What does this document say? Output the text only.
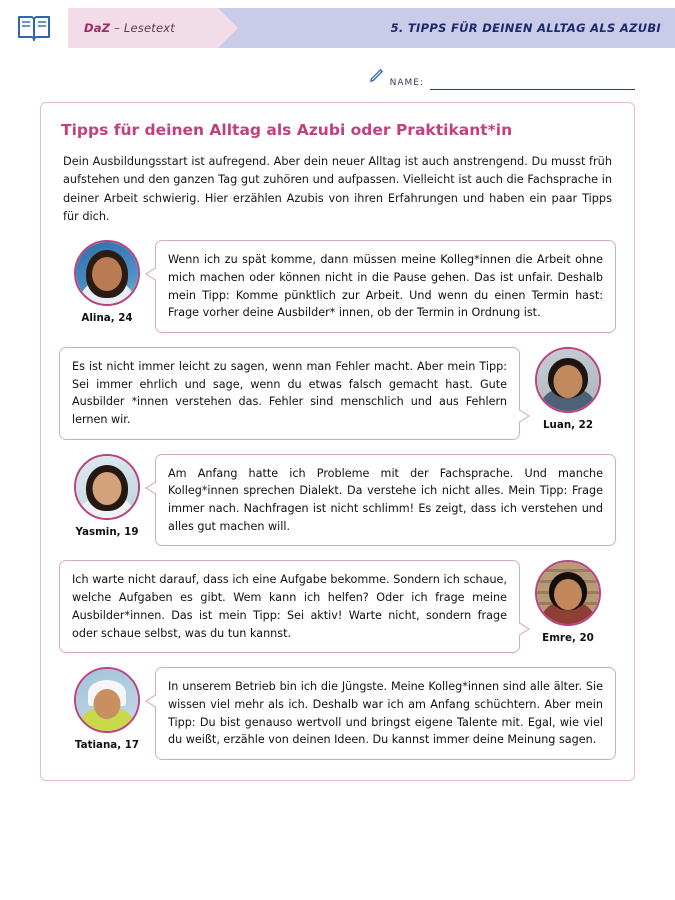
5. TIPPS FÜR DEINEN ALLTAG ALS AZUBI
DaZ – Lesetext
NAME:
Tipps für deinen Alltag als Azubi oder Praktikant*in

Dein Ausbildungsstart ist aufregend. Aber dein neuer Alltag ist auch anstrengend. Du musst früh aufstehen und den ganzen Tag gut zuhören und aufpassen. Vielleicht ist auch die Fachsprache in deiner Arbeit schwierig. Hier erzählen Azubis von ihren Erfahrungen und haben ein paar Tipps für dich.

Alina, 24

Wenn ich zu spät komme, dann müssen meine Kolleg*innen die Arbeit ohne mich machen oder können nicht in die Pause gehen. Das ist unfair. Deshalb mein Tipp: Komme pünktlich zur Arbeit. Und wenn du einen Termin hast: Frage vorher deine Ausbilder* innen, ob der Termin in Ordnung ist.

Luan, 22

Es ist nicht immer leicht zu sagen, wenn man Fehler macht. Aber mein Tipp: Sei immer ehrlich und sage, wenn du etwas falsch gemacht hast. Gute Ausbilder *innen verstehen das. Fehler sind menschlich und aus Fehlern lernen wir.

Yasmin, 19

Am Anfang hatte ich Probleme mit der Fachsprache. Und manche Kolleg*innen sprechen Dialekt. Da verstehe ich nicht alles. Mein Tipp: Frage immer nach. Nachfragen ist nicht schlimm! Es zeigt, dass ich verstehen und alles gut machen will.

Emre, 20

Ich warte nicht darauf, dass ich eine Aufgabe bekomme. Sondern ich schaue, welche Aufgaben es gibt. Wem kann ich helfen? Oder ich frage meine Ausbilder*innen. Das ist mein Tipp: Sei aktiv! Warte nicht, sondern frage oder schaue selbst, was du tun kannst.

Tatiana, 17

In unserem Betrieb bin ich die Jüngste. Meine Kolleg*innen sind alle älter. Sie wissen viel mehr als ich. Deshalb war ich am Anfang schüchtern. Aber mein Tipp: Du bist genauso wertvoll und bringst eigene Talente mit. Egal, wie viel du weißt, erzähle von deinen Ideen. Du kannst immer deine Meinung sagen.
